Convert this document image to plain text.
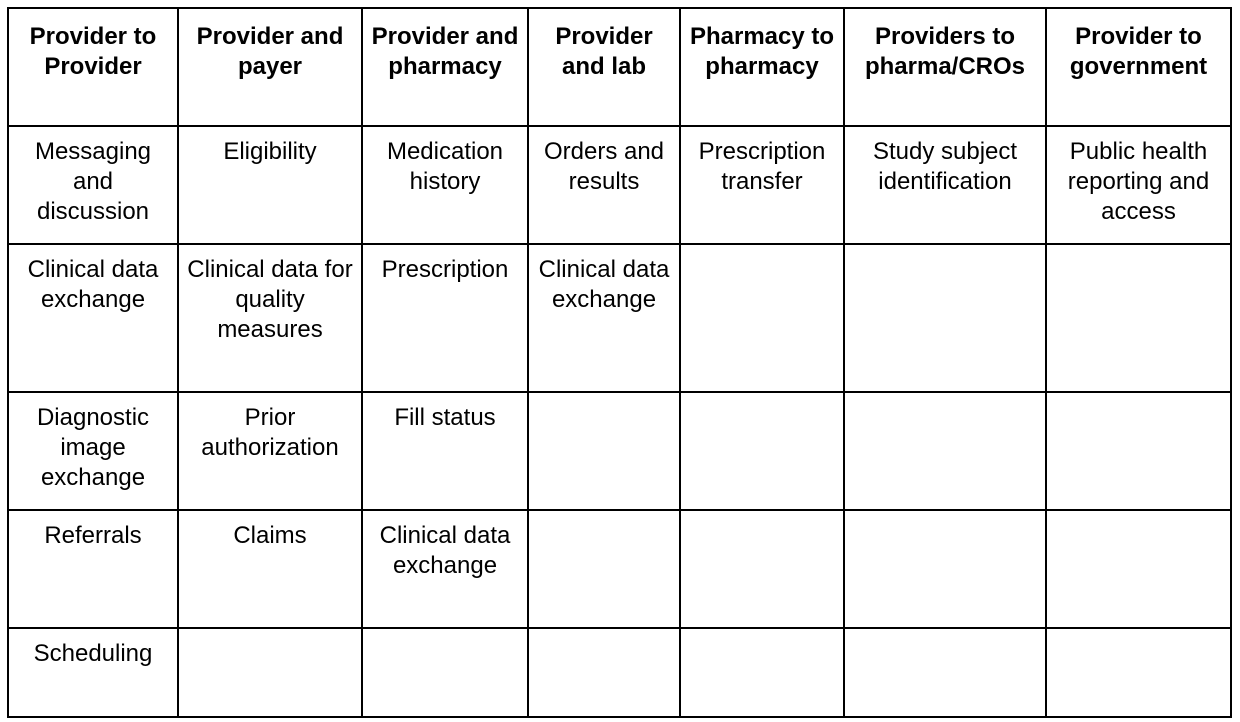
Provider to Provider	Provider and payer	Provider and pharmacy	Provider and lab	Pharmacy to pharmacy	Providers to pharma/CROs	Provider to government
Messaging and discussion	Eligibility	Medication history	Orders and results	Prescription transfer	Study subject identification	Public health reporting and access
Clinical data exchange	Clinical data for quality measures	Prescription	Clinical data exchange			
Diagnostic image exchange	Prior authorization	Fill status				
Referrals	Claims	Clinical data exchange				
Scheduling						
